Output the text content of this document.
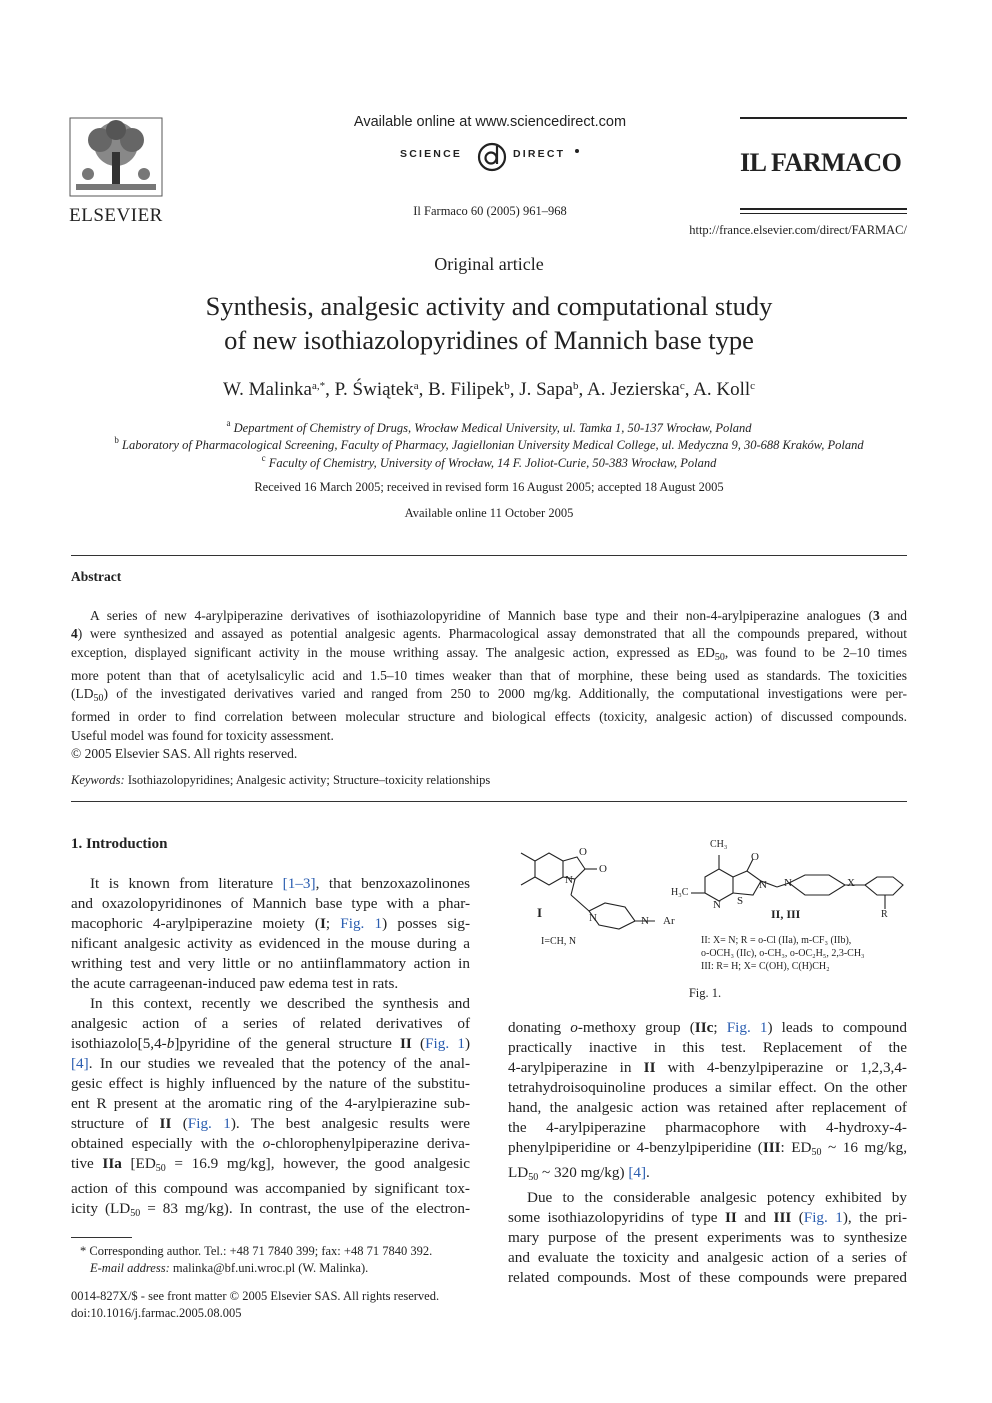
ELSEVIER
Available online at www.sciencedirect.com
SCIENCE	DIRECT
Il Farmaco 60 (2005) 961–968
IL FARMACO
http://france.elsevier.com/direct/FARMAC/
Original article
Synthesis, analgesic activity and computational study
of new isothiazolopyridines of Mannich base type
W. Malinka$^{a,*}$, P. Świątek$^a$, B. Filipek$^b$, J. Sapa$^b$, A. Jezierska$^c$, A. Koll$^c$
$^a$ Department of Chemistry of Drugs, Wrocław Medical University, ul. Tamka 1, 50-137 Wrocław, Poland
$^b$ Laboratory of Pharmacological Screening, Faculty of Pharmacy, Jagiellonian University Medical College, ul. Medyczna 9, 30-688 Kraków, Poland
$^c$ Faculty of Chemistry, University of Wrocław, 14 F. Joliot-Curie, 50-383 Wrocław, Poland
Received 16 March 2005; received in revised form 16 August 2005; accepted 18 August 2005
Available online 11 October 2005
Abstract
A series of new 4-arylpiperazine derivatives of isothiazolopyridine of Mannich base type and their non-4-arylpiperazine analogues (3 and
4) were synthesized and assayed as potential analgesic agents. Pharmacological assay demonstrated that all the compounds prepared, without
exception, displayed significant activity in the mouse writhing assay. The analgesic action, expressed as $ED_{50}$, was found to be 2–10 times
more potent than that of acetylsalicylic acid and 1.5–10 times weaker than that of morphine, these being used as standards. The toxicities
$(LD_{50})$ of the investigated derivatives varied and ranged from 250 to 2000 mg/kg. Additionally, the computational investigations were per-
formed in order to find correlation between molecular structure and biological effects (toxicity, analgesic action) of discussed compounds.
Useful model was found for toxicity assessment.
© 2005 Elsevier SAS. All rights reserved.
Keywords: Isothiazolopyridines; Analgesic activity; Structure–toxicity relationships
1. Introduction
It is known from literature [1–3], that benzoxazolinones
and oxazolopyridinones of Mannich base type with a phar-
macophoric 4-arylpiperazine moiety (I; Fig. 1) posses sig-
nificant analgesic activity as evidenced in the mouse during a
writhing test and very little or no antiinflammatory action in
the acute carrageenan-induced paw edema test in rats.
In this context, recently we described the synthesis and
analgesic action of a series of related derivatives of
isothiazolo[5,4-b]pyridine of the general structure II (Fig. 1)
[4]. In our studies we revealed that the potency of the anal-
gesic effect is highly influenced by the nature of the substitu-
ent R present at the aromatic ring of the 4-arylpierazine sub-
structure of II (Fig. 1). The best analgesic results were
obtained especially with the o-chlorophenylpiperazine deriva-
tive IIa [$ED_{50} = 16.9$ mg/kg], however, the good analgesic
action of this compound was accompanied by significant tox-
icity ($LD_{50} = 83$ mg/kg). In contrast, the use of the electron-
O
O
N
I	N	N Ar
CH₃
O
H₃C
N S
N N	X
R
II, III
I=CH, N	II: X= N; R = o-Cl (IIa), m-CF₃ (IIb),
o-OCH₃ (IIc), o-CH₃, o-OC₂H₅, 2,3-CH₃
III: R= H; X= C(OH), C(H)CH₂
Fig. 1.
donating o-methoxy group (IIc; Fig. 1) leads to compound
practically inactive in this test. Replacement of the
4-arylpiperazine in II with 4-benzylpiperazine or 1,2,3,4-
tetrahydroisoquinoline produces a similar effect. On the other
hand, the analgesic action was retained after replacement of
the 4-arylpiperazine pharmacophore with 4-hydroxy-4-
phenylpiperidine or 4-benzylpiperidine (III: $ED_{50}$ ~ 16 mg/kg,
$LD_{50}$ ~ 320 mg/kg) [4].
Due to the considerable analgesic potency exhibited by
some isothiazolopyridins of type II and III (Fig. 1), the pri-
mary purpose of the present experiments was to synthesize
and evaluate the toxicity and analgesic action of a series of
related compounds. Most of these compounds were prepared
* Corresponding author. Tel.: +48 71 7840 399; fax: +48 71 7840 392.
E-mail address: malinka@bf.uni.wroc.pl (W. Malinka).
0014-827X/$ - see front matter © 2005 Elsevier SAS. All rights reserved.
doi:10.1016/j.farmac.2005.08.005
